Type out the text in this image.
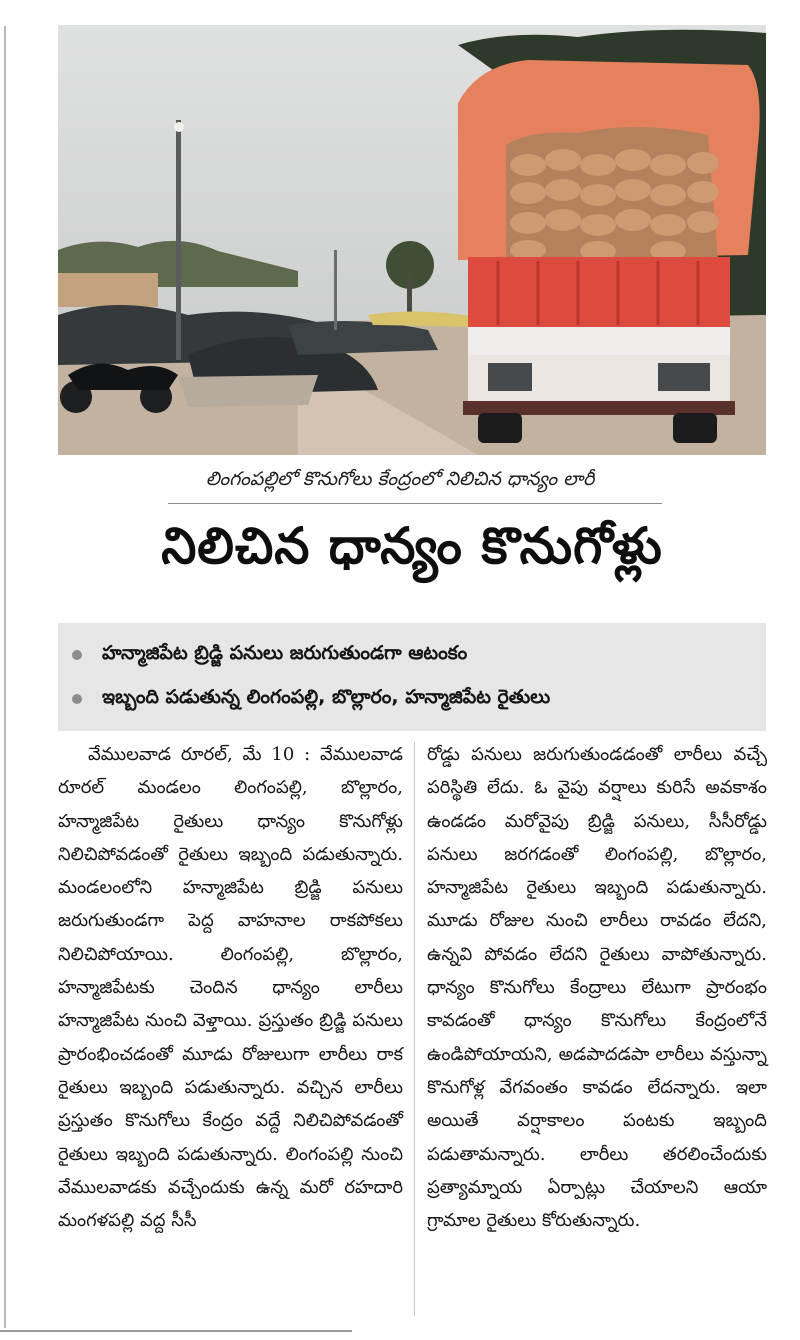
లింగంపల్లిలో కొనుగోలు కేంద్రంలో నిలిచిన ధాన్యం లారీ
నిలిచిన ధాన్యం కొనుగోళ్లు
హన్మాజిపేట బ్రిడ్జి పనులు జరుగుతుండగా ఆటంకం
ఇబ్బంది పడుతున్న లింగంపల్లి, బొల్లారం, హన్మాజిపేట రైతులు

వేములవాడ రూరల్, మే 10 : వేములవాడ రూరల్ మండలం లింగంపల్లి, బొల్లారం, హన్మాజిపేట రైతులు ధాన్యం కొనుగోళ్లు నిలిచిపోవడంతో రైతులు ఇబ్బంది పడుతున్నారు. మండలంలోని హన్మాజిపేట బ్రిడ్జి పనులు జరుగుతుండగా పెద్ద వాహనాల రాకపోకలు నిలిచిపోయాయి. లింగంపల్లి, బొల్లారం, హన్మాజిపేటకు చెందిన ధాన్యం లారీలు హన్మాజిపేట నుంచి వెళ్తాయి. ప్రస్తుతం బ్రిడ్జి పనులు ప్రారంభించడంతో మూడు రోజులుగా లారీలు రాక రైతులు ఇబ్బంది పడుతున్నారు. వచ్చిన లారీలు ప్రస్తుతం కొనుగోలు కేంద్రం వద్దే నిలిచిపోవడంతో రైతులు ఇబ్బంది పడుతున్నారు. లింగంపల్లి నుంచి వేములవాడకు వచ్చేందుకు ఉన్న మరో రహదారి మంగళపల్లి వద్ద సీసీ

రోడ్డు పనులు జరుగుతుండడంతో లారీలు వచ్చే పరిస్థితి లేదు. ఓ వైపు వర్షాలు కురిసే అవకాశం ఉండడం మరోవైపు బ్రిడ్జి పనులు, సీసీరోడ్డు పనులు జరగడంతో లింగంపల్లి, బొల్లారం, హన్మాజిపేట రైతులు ఇబ్బంది పడుతున్నారు. మూడు రోజుల నుంచి లారీలు రావడం లేదని, ఉన్నవి పోవడం లేదని రైతులు వాపోతున్నారు. ధాన్యం కొనుగోలు కేంద్రాలు లేటుగా ప్రారంభం కావడంతో ధాన్యం కొనుగోలు కేంద్రంలోనే ఉండిపోయాయని, అడపాదడపా లారీలు వస్తున్నా కొనుగోళ్ల వేగవంతం కావడం లేదన్నారు. ఇలా అయితే వర్షాకాలం పంటకు ఇబ్బంది పడుతామన్నారు. లారీలు తరలించేందుకు ప్రత్యామ్నాయ ఏర్పాట్లు చేయాలని ఆయా గ్రామాల రైతులు కోరుతున్నారు.
